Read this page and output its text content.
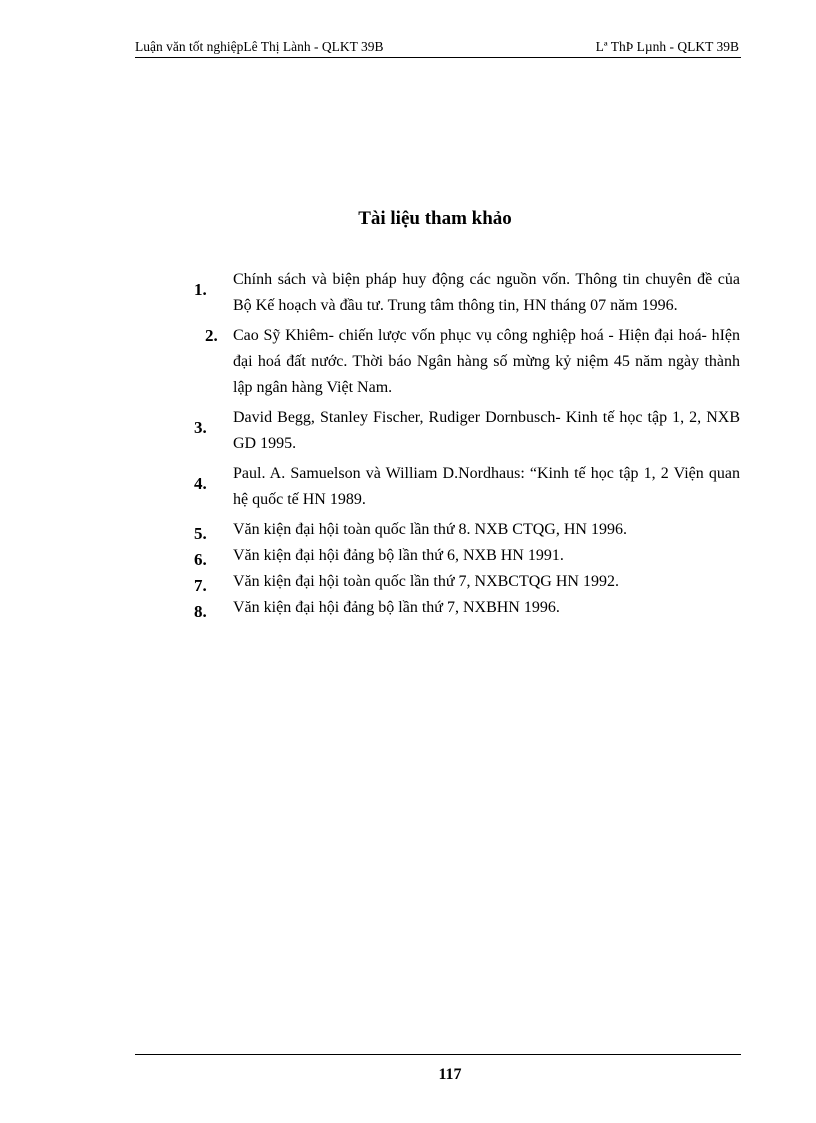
Luận văn tốt nghiệpLê Thị Lành - QLKT 39B	Lª ThÞ Lµnh - QLKT 39B
Tài liệu tham khảo
1.
Chính sách và biện pháp huy động các nguồn vốn. Thông tin chuyên đề của Bộ Kế hoạch và đầu tư. Trung tâm thông tin, HN tháng 07 năm 1996.
2. Cao Sỹ Khiêm- chiến lược vốn phục vụ công nghiệp hoá - Hiện đại hoá- hIện đại hoá đất nước. Thời báo Ngân hàng số mừng kỷ niệm 45 năm ngày thành lập ngân hàng Việt Nam.
3.
David Begg, Stanley Fischer, Rudiger Dornbusch- Kinh tế học tập 1, 2, NXB GD 1995.
4.
Paul. A. Samuelson và William D.Nordhaus: “Kinh tế học tập 1, 2 Viện quan hệ quốc tế HN 1989.
5. Văn kiện đại hội toàn quốc lần thứ 8. NXB CTQG, HN 1996.
6. Văn kiện đại hội đảng bộ lần thứ 6, NXB HN 1991.
7. Văn kiện đại hội toàn quốc lần thứ 7, NXBCTQG HN 1992.
8. Văn kiện đại hội đảng bộ lần thứ 7, NXBHN 1996.
117
